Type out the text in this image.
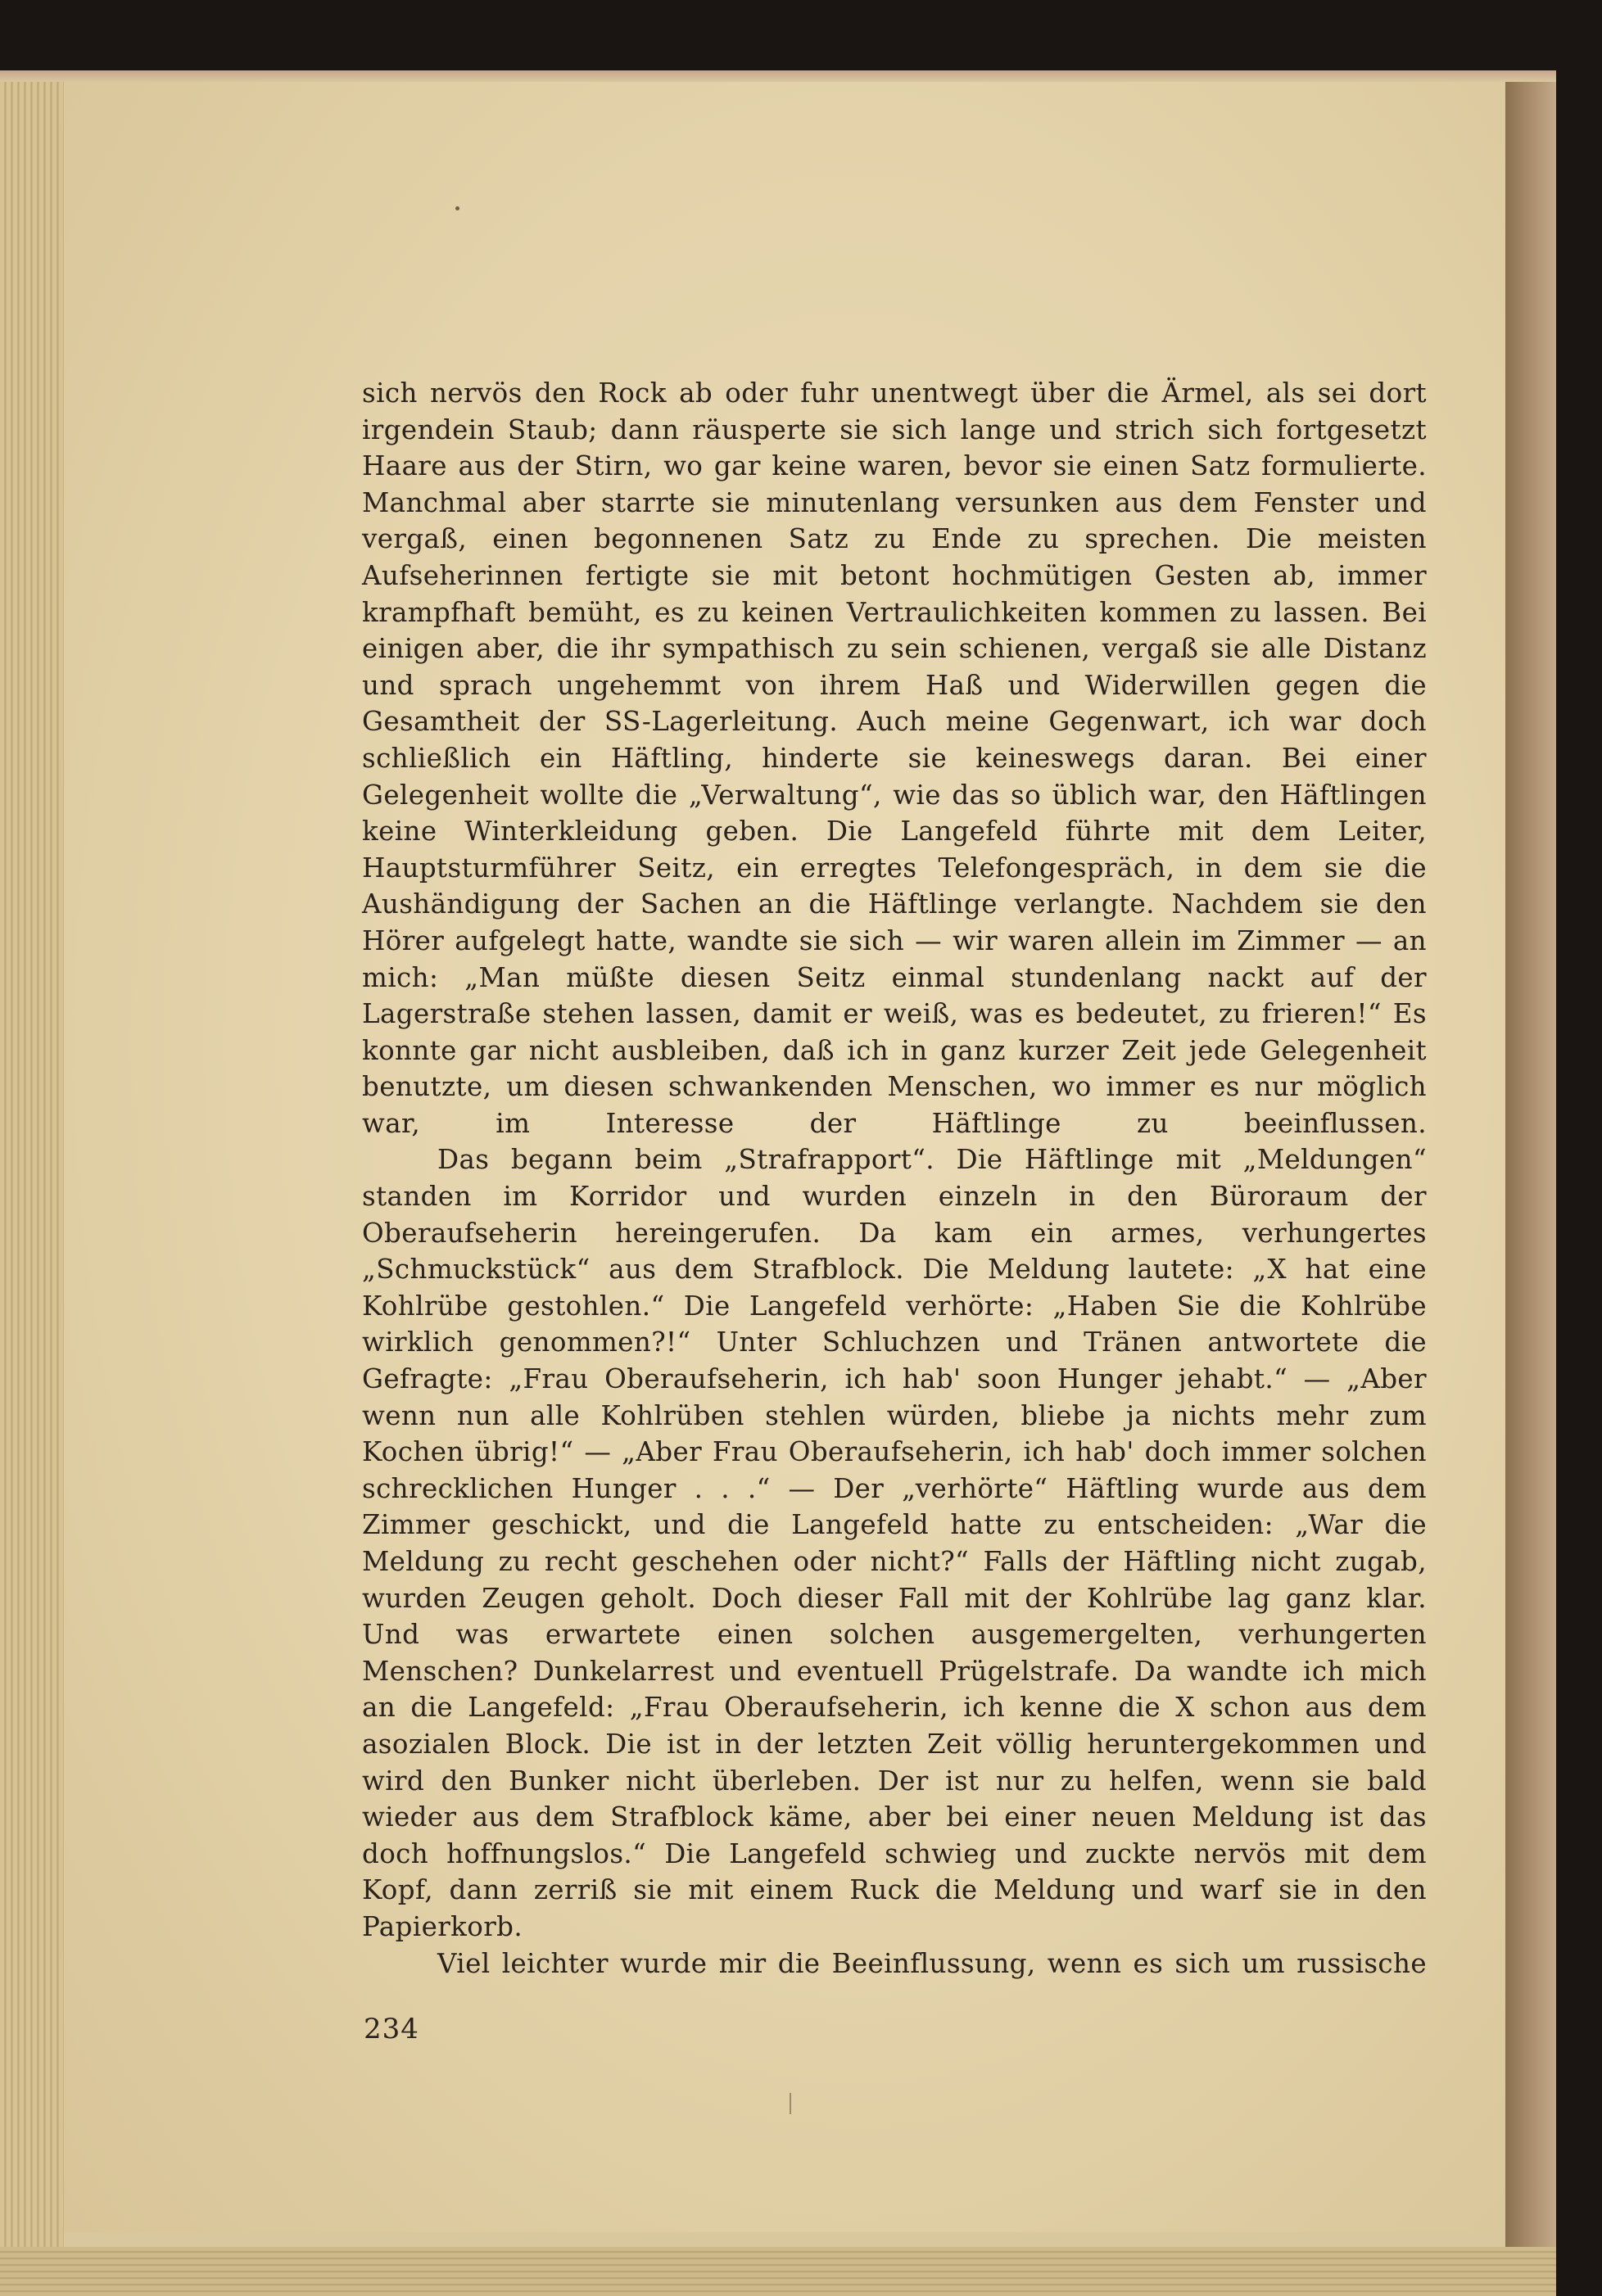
sich nervös den Rock ab oder fuhr unentwegt über die Ärmel, als sei dort irgendein Staub; dann räusperte sie sich lange und strich sich fortgesetzt Haare aus der Stirn, wo gar keine waren, bevor sie einen Satz formulierte. Manchmal aber starrte sie minutenlang versunken aus dem Fenster und vergaß, einen begonnenen Satz zu Ende zu sprechen. Die meisten Aufseherinnen fertigte sie mit betont hochmütigen Gesten ab, immer krampfhaft bemüht, es zu keinen Vertraulichkeiten kommen zu lassen. Bei einigen aber, die ihr sympathisch zu sein schienen, vergaß sie alle Distanz und sprach ungehemmt von ihrem Haß und Widerwillen gegen die Gesamtheit der SS-Lagerleitung. Auch meine Gegenwart, ich war doch schließlich ein Häftling, hinderte sie keineswegs daran. Bei einer Gelegenheit wollte die „Verwaltung“, wie das so üblich war, den Häftlingen keine Winterkleidung geben. Die Langefeld führte mit dem Leiter, Hauptsturmführer Seitz, ein erregtes Telefongespräch, in dem sie die Aushändigung der Sachen an die Häftlinge verlangte. Nachdem sie den Hörer aufgelegt hatte, wandte sie sich — wir waren allein im Zimmer — an mich: „Man müßte diesen Seitz einmal stundenlang nackt auf der Lagerstraße stehen lassen, damit er weiß, was es bedeutet, zu frieren!“ Es konnte gar nicht ausbleiben, daß ich in ganz kurzer Zeit jede Gelegenheit benutzte, um diesen schwankenden Menschen, wo immer es nur möglich war, im Interesse der Häftlinge zu beeinflussen.

Das begann beim „Strafrapport“. Die Häftlinge mit „Meldungen“ standen im Korridor und wurden einzeln in den Büroraum der Oberaufseherin hereingerufen. Da kam ein armes, verhungertes „Schmuckstück“ aus dem Strafblock. Die Meldung lautete: „X hat eine Kohlrübe gestohlen.“ Die Langefeld verhörte: „Haben Sie die Kohlrübe wirklich genommen?!“ Unter Schluchzen und Tränen antwortete die Gefragte: „Frau Oberaufseherin, ich hab' soon Hunger jehabt.“ — „Aber wenn nun alle Kohlrüben stehlen würden, bliebe ja nichts mehr zum Kochen übrig!“ — „Aber Frau Oberaufseherin, ich hab' doch immer solchen schrecklichen Hunger . . .“ — Der „verhörte“ Häftling wurde aus dem Zimmer geschickt, und die Langefeld hatte zu entscheiden: „War die Meldung zu recht geschehen oder nicht?“ Falls der Häftling nicht zugab, wurden Zeugen geholt. Doch dieser Fall mit der Kohlrübe lag ganz klar. Und was erwartete einen solchen ausgemergelten, verhungerten Menschen? Dunkelarrest und eventuell Prügelstrafe. Da wandte ich mich an die Langefeld: „Frau Oberaufseherin, ich kenne die X schon aus dem asozialen Block. Die ist in der letzten Zeit völlig heruntergekommen und wird den Bunker nicht überleben. Der ist nur zu helfen, wenn sie bald wieder aus dem Strafblock käme, aber bei einer neuen Meldung ist das doch hoffnungslos.“ Die Langefeld schwieg und zuckte nervös mit dem Kopf, dann zerriß sie mit einem Ruck die Meldung und warf sie in den Papierkorb.

Viel leichter wurde mir die Beeinflussung, wenn es sich um russische

234
